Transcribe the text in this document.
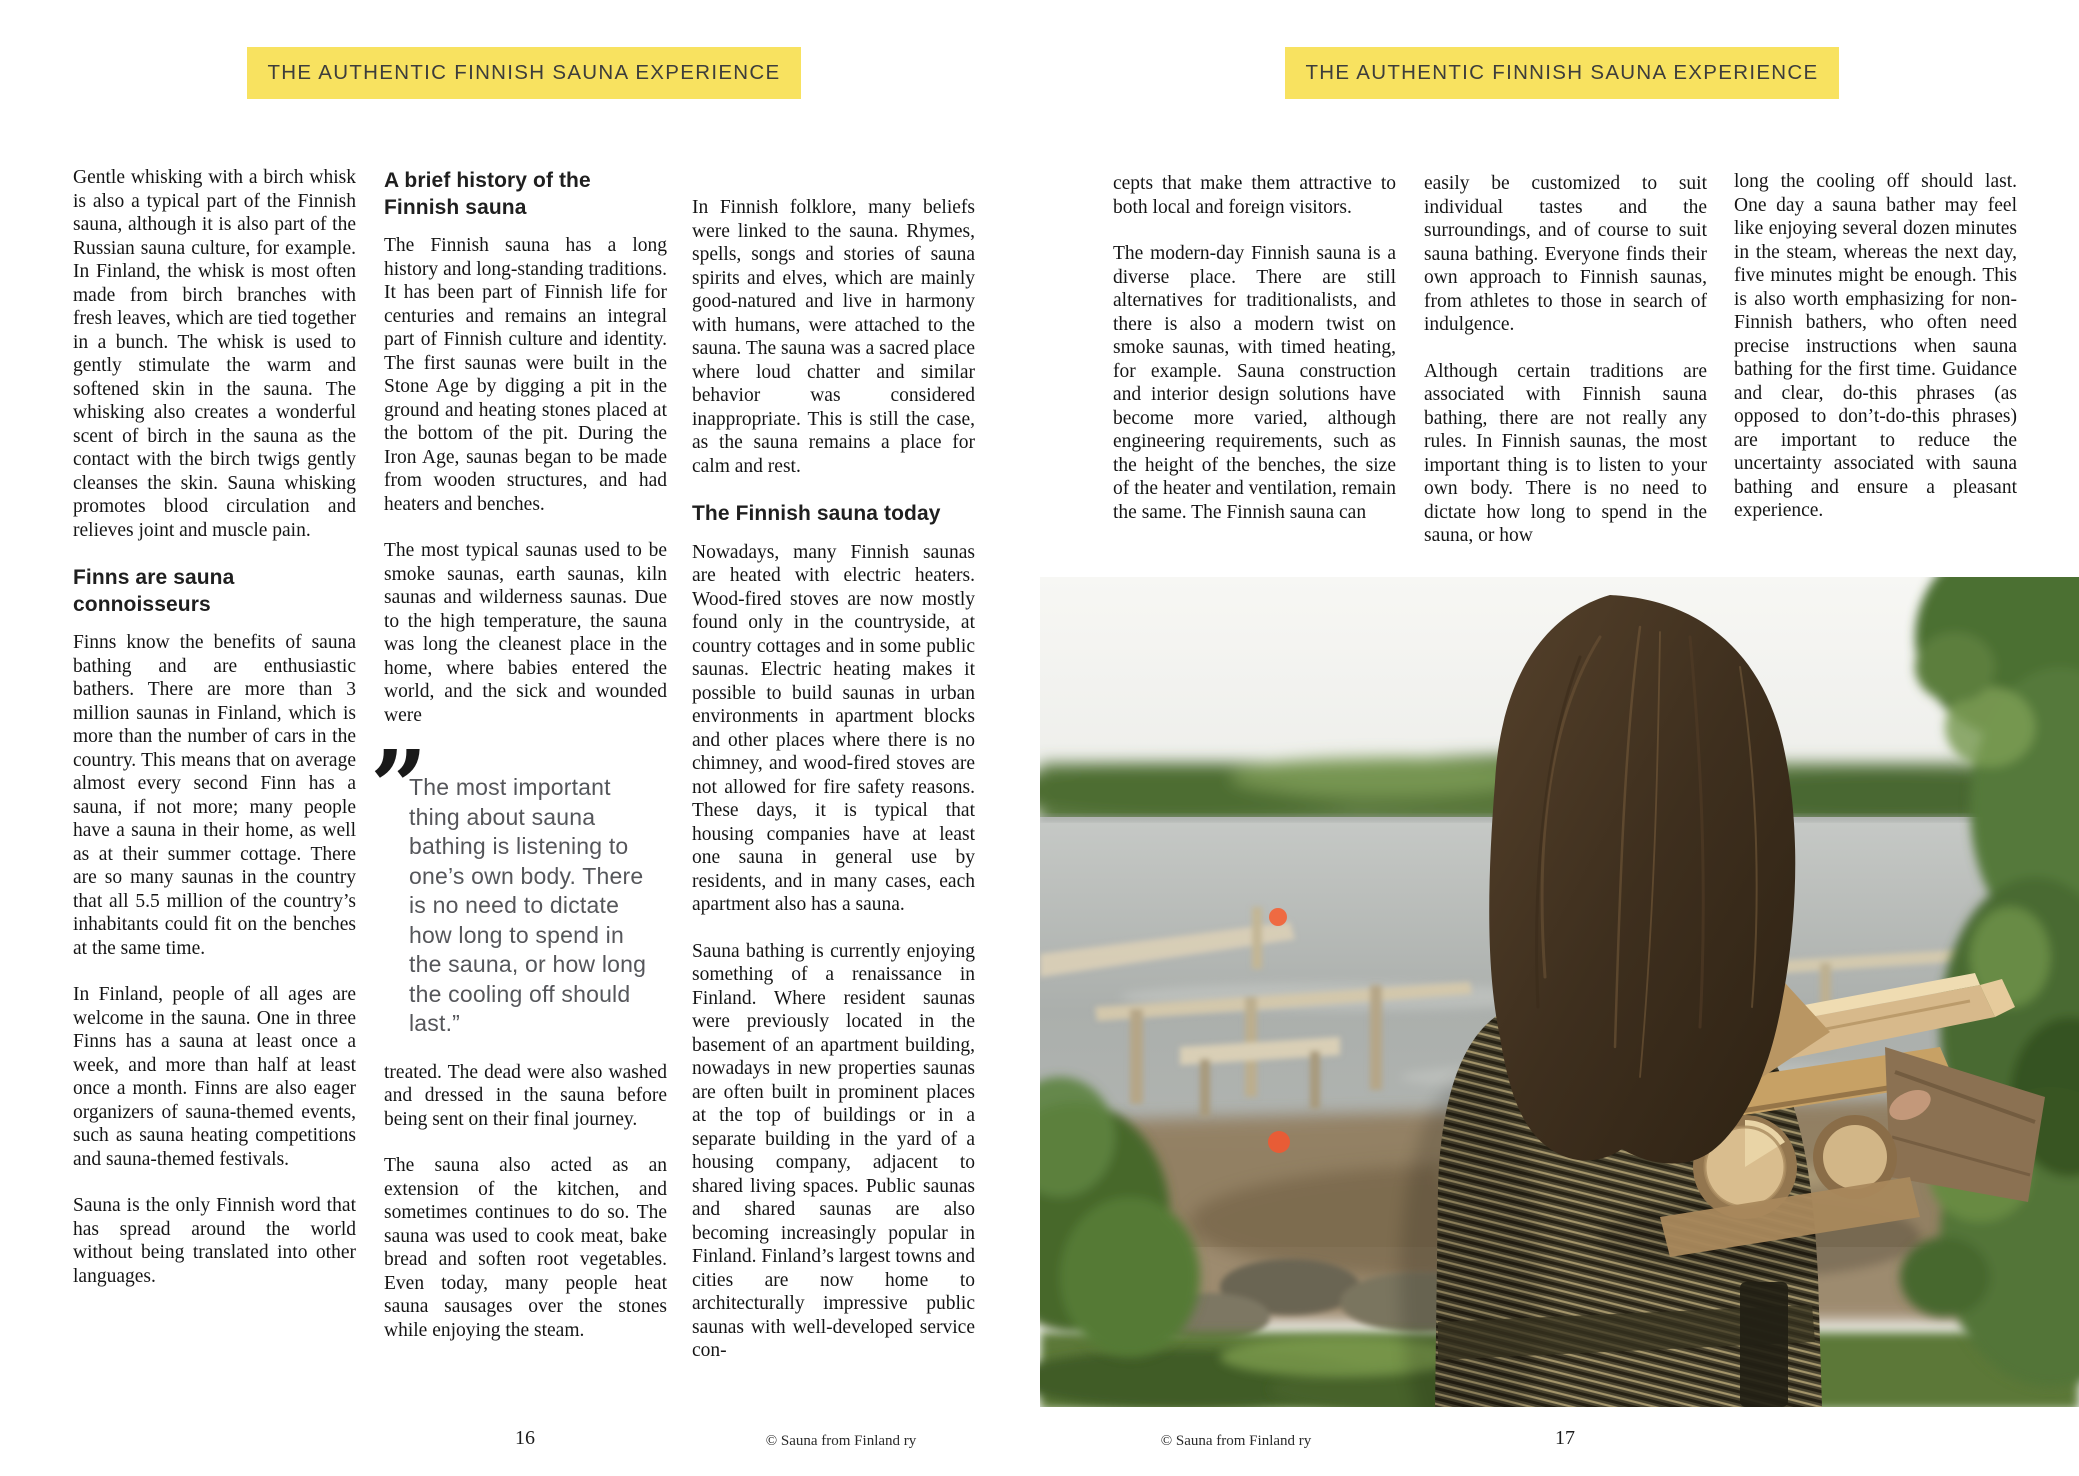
THE AUTHENTIC FINNISH SAUNA EXPERIENCE	THE AUTHENTIC FINNISH SAUNA EXPERIENCE

Gentle whisking with a birch whisk is also a typical part of the Finnish sauna, although it is also part of the Russian sauna culture, for example. In Finland, the whisk is most often made from birch branches with fresh leaves, which are tied together in a bunch. The whisk is used to gently stimulate the warm and softened skin in the sauna. The whisking also creates a wonderful scent of birch in the sauna as the contact with the birch twigs gently cleanses the skin. Sauna whisking promotes blood circulation and relieves joint and muscle pain.

Finns are sauna connoisseurs

Finns know the benefits of sauna bathing and are enthusiastic bathers. There are more than 3 million saunas in Finland, which is more than the number of cars in the country. This means that on average almost every second Finn has a sauna, if not more; many people have a sauna in their home, as well as at their summer cottage. There are so many saunas in the country that all 5.5 million of the country’s inhabitants could fit on the benches at the same time.

In Finland, people of all ages are welcome in the sauna. One in three Finns has a sauna at least once a week, and more than half at least once a month. Finns are also eager organizers of sauna-themed events, such as sauna heating competitions and sauna-themed festivals.

Sauna is the only Finnish word that has spread around the world without being translated into other languages.

A brief history of the Finnish sauna

The Finnish sauna has a long history and long-standing traditions. It has been part of Finnish life for centuries and remains an integral part of Finnish culture and identity. The first saunas were built in the Stone Age by digging a pit in the ground and heating stones placed at the bottom of the pit. During the Iron Age, saunas began to be made from wooden structures, and had heaters and benches.

The most typical saunas used to be smoke saunas, earth saunas, kiln saunas and wilderness saunas. Due to the high temperature, the sauna was long the cleanest place in the home, where babies entered the world, and the sick and wounded were

”
The most important thing about sauna bathing is listening to one’s own body. There is no need to dictate how long to spend in the sauna, or how long the cooling off should last.”

treated. The dead were also washed and dressed in the sauna before being sent on their final journey.

The sauna also acted as an extension of the kitchen, and sometimes continues to do so. The sauna was used to cook meat, bake bread and soften root vegetables. Even today, many people heat sauna sausages over the stones while enjoying the steam.

In Finnish folklore, many beliefs were linked to the sauna. Rhymes, spells, songs and stories of sauna spirits and elves, which are mainly good-natured and live in harmony with humans, were attached to the sauna. The sauna was a sacred place where loud chatter and similar behavior was considered inappropriate. This is still the case, as the sauna remains a place for calm and rest.

The Finnish sauna today

Nowadays, many Finnish saunas are heated with electric heaters. Wood-fired stoves are now mostly found only in the countryside, at country cottages and in some public saunas. Electric heating makes it possible to build saunas in urban environments in apartment blocks and other places where there is no chimney, and wood-fired stoves are not allowed for fire safety reasons. These days, it is typical that housing companies have at least one sauna in general use by residents, and in many cases, each apartment also has a sauna.

Sauna bathing is currently enjoying something of a renaissance in Finland. Where resident saunas were previously located in the basement of an apartment building, nowadays in new properties saunas are often built in prominent places at the top of buildings or in a separate building in the yard of a housing company, adjacent to shared living spaces. Public saunas and shared saunas are also becoming increasingly popular in Finland. Finland’s largest towns and cities are now home to architecturally impressive public saunas with well-developed service con-

cepts that make them attractive to both local and foreign visitors.

The modern-day Finnish sauna is a diverse place. There are still alternatives for traditionalists, and there is also a modern twist on smoke saunas, with timed heating, for example. Sauna construction and interior design solutions have become more varied, although engineering requirements, such as the height of the benches, the size of the heater and ventilation, remain the same. The Finnish sauna can

easily be customized to suit individual tastes and the surroundings, and of course to suit sauna bathing. Everyone finds their own approach to Finnish saunas, from athletes to those in search of indulgence.

Although certain traditions are associated with Finnish sauna bathing, there are not really any rules. In Finnish saunas, the most important thing is to listen to your own body. There is no need to dictate how long to spend in the sauna, or how

long the cooling off should last. One day a sauna bather may feel like enjoying several dozen minutes in the steam, whereas the next day, five minutes might be enough. This is also worth emphasizing for non-Finnish bathers, who often need precise instructions when sauna bathing for the first time. Guidance and clear, do-this phrases (as opposed to don’t-do-this phrases) are important to reduce the uncertainty associated with sauna bathing and ensure a pleasant experience.

16	© Sauna from Finland ry	© Sauna from Finland ry	17
